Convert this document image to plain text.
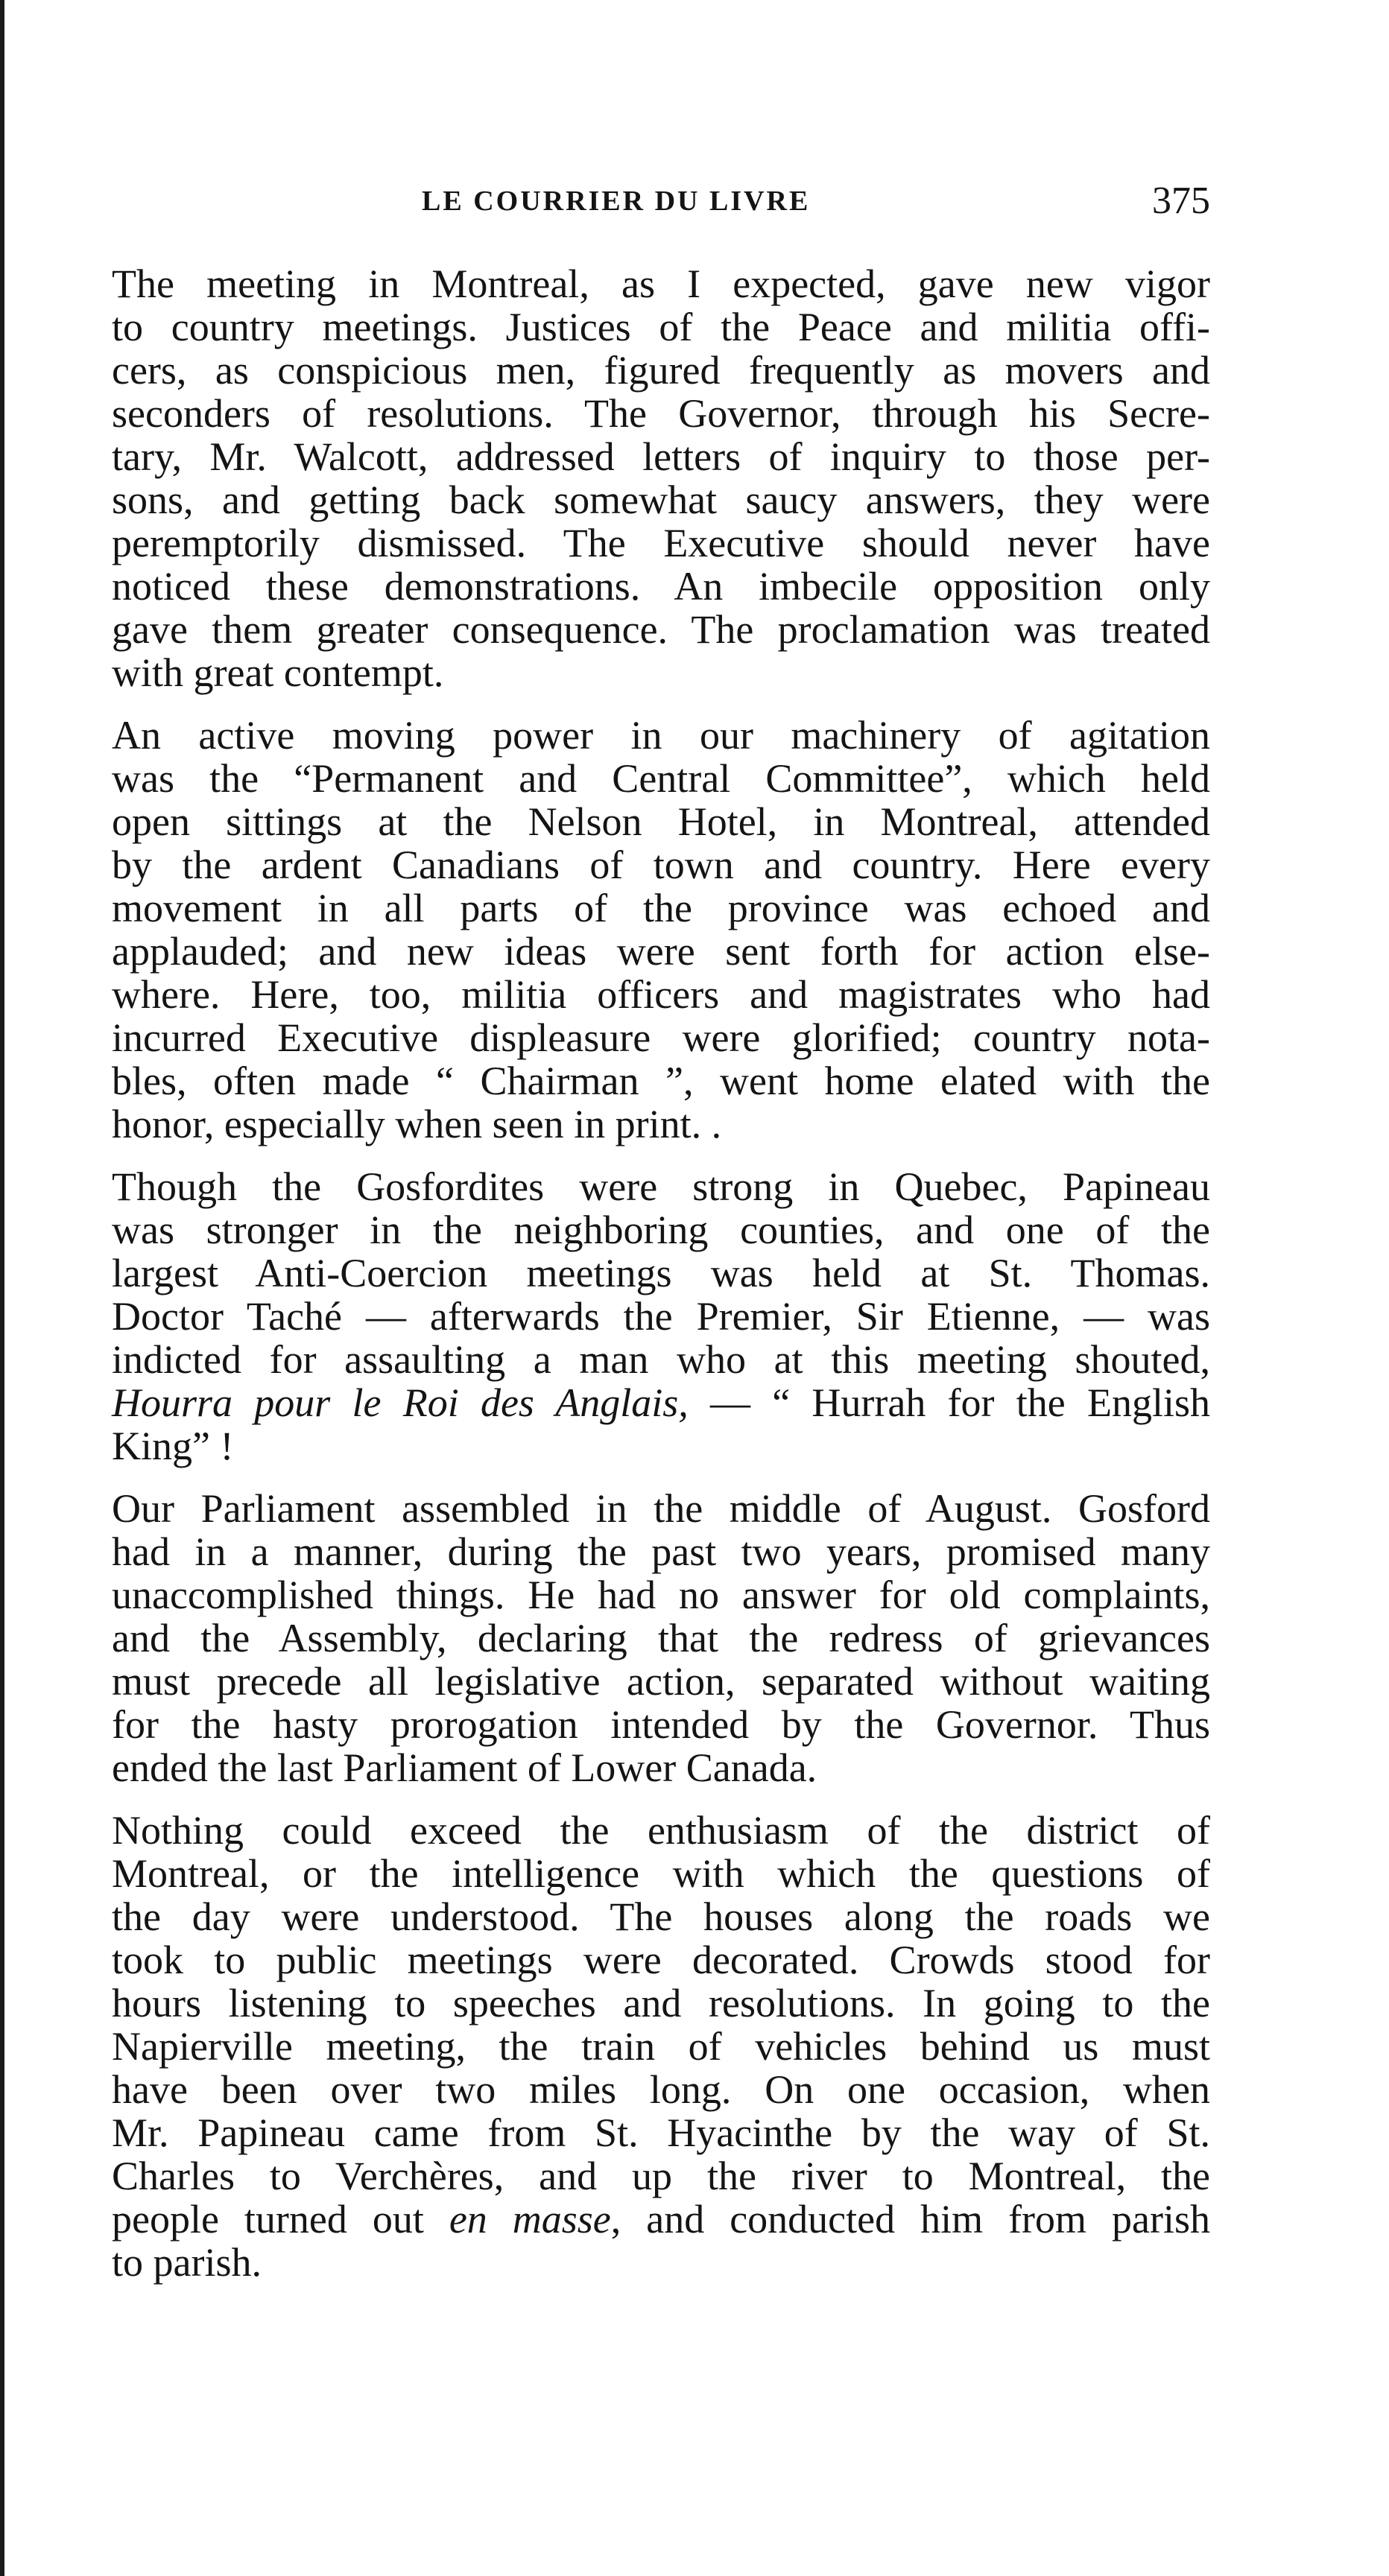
LE COURRIER DU LIVRE	375

The meeting in Montreal, as I expected, gave new vigor
to country meetings. Justices of the Peace and militia offi-
cers, as conspicious men, figured frequently as movers and
seconders of resolutions. The Governor, through his Secre-
tary, Mr. Walcott, addressed letters of inquiry to those per-
sons, and getting back somewhat saucy answers, they were
peremptorily dismissed. The Executive should never have
noticed these demonstrations. An imbecile opposition only
gave them greater consequence. The proclamation was treated
with great contempt.

An active moving power in our machinery of agitation
was the “Permanent and Central Committee”, which held
open sittings at the Nelson Hotel, in Montreal, attended
by the ardent Canadians of town and country. Here every
movement in all parts of the province was echoed and
applauded; and new ideas were sent forth for action else-
where. Here, too, militia officers and magistrates who had
incurred Executive displeasure were glorified; country nota-
bles, often made “ Chairman ”, went home elated with the
honor, especially when seen in print. .

Though the Gosfordites were strong in Quebec, Papineau
was stronger in the neighboring counties, and one of the
largest Anti-Coercion meetings was held at St. Thomas.
Doctor Taché — afterwards the Premier, Sir Etienne, — was
indicted for assaulting a man who at this meeting shouted,
Hourra pour le Roi des Anglais, — “ Hurrah for the English
King” !

Our Parliament assembled in the middle of August. Gosford
had in a manner, during the past two years, promised many
unaccomplished things. He had no answer for old complaints,
and the Assembly, declaring that the redress of grievances
must precede all legislative action, separated without waiting
for the hasty prorogation intended by the Governor. Thus
ended the last Parliament of Lower Canada.

Nothing could exceed the enthusiasm of the district of
Montreal, or the intelligence with which the questions of
the day were understood. The houses along the roads we
took to public meetings were decorated. Crowds stood for
hours listening to speeches and resolutions. In going to the
Napierville meeting, the train of vehicles behind us must
have been over two miles long. On one occasion, when
Mr. Papineau came from St. Hyacinthe by the way of St.
Charles to Verchères, and up the river to Montreal, the
people turned out en masse, and conducted him from parish
to parish.
